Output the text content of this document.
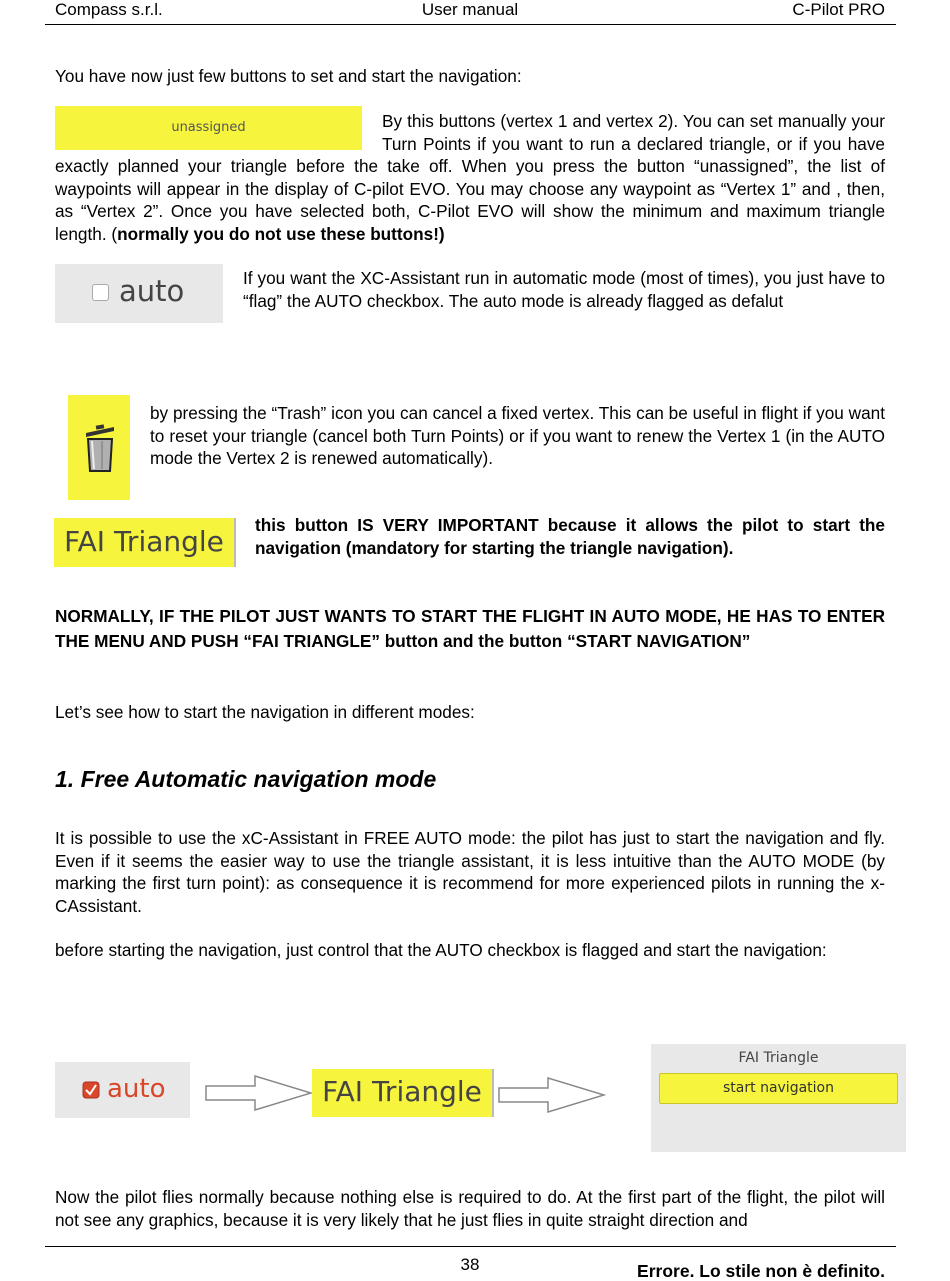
Compass s.r.l.	User manual	C-Pilot PRO
You have now just few buttons to set and start the navigation:
unassigned	By this buttons (vertex 1 and vertex 2). You can set manually your Turn Points if you want to run a declared triangle, or if you have exactly planned your triangle before the take off. When you press the button “unassigned”, the list of waypoints will appear in the display of C-pilot EVO. You may choose any waypoint as “Vertex 1” and , then, as “Vertex 2”. Once you have selected both, C-Pilot EVO will show the minimum and maximum triangle length. (normally you do not use these buttons!)
auto	If you want the XC-Assistant run in automatic mode (most of times), you just have to “flag” the AUTO checkbox. The auto mode is already flagged as defalut
by pressing the “Trash” icon you can cancel a fixed vertex. This can be useful in flight if you want to reset your triangle (cancel both Turn Points) or if you want to renew the Vertex 1 (in the AUTO mode the Vertex 2 is renewed automatically).
FAI Triangle	this button IS VERY IMPORTANT because it allows the pilot to start the navigation (mandatory for starting the triangle navigation).
NORMALLY, IF THE PILOT JUST WANTS TO START THE FLIGHT IN AUTO MODE, HE HAS TO ENTER THE MENU AND PUSH “FAI TRIANGLE” button and the button “START NAVIGATION”
Let’s see how to start the navigation in different modes:
1. Free Automatic navigation mode
It is possible to use the xC-Assistant in FREE AUTO mode: the pilot has just to start the navigation and fly. Even if it seems the easier way to use the triangle assistant, it is less intuitive than the AUTO MODE (by marking the first turn point): as consequence it is recommend for more experienced pilots in running the x-CAssistant.
before starting the navigation, just control that the AUTO checkbox is flagged and start the navigation:
auto	FAI Triangle
FAI Triangle
start navigation
Now the pilot flies normally because nothing else is required to do. At the first part of the flight, the pilot will not see any graphics, because it is very likely that he just flies in quite straight direction and
38	Errore. Lo stile non è definito.
